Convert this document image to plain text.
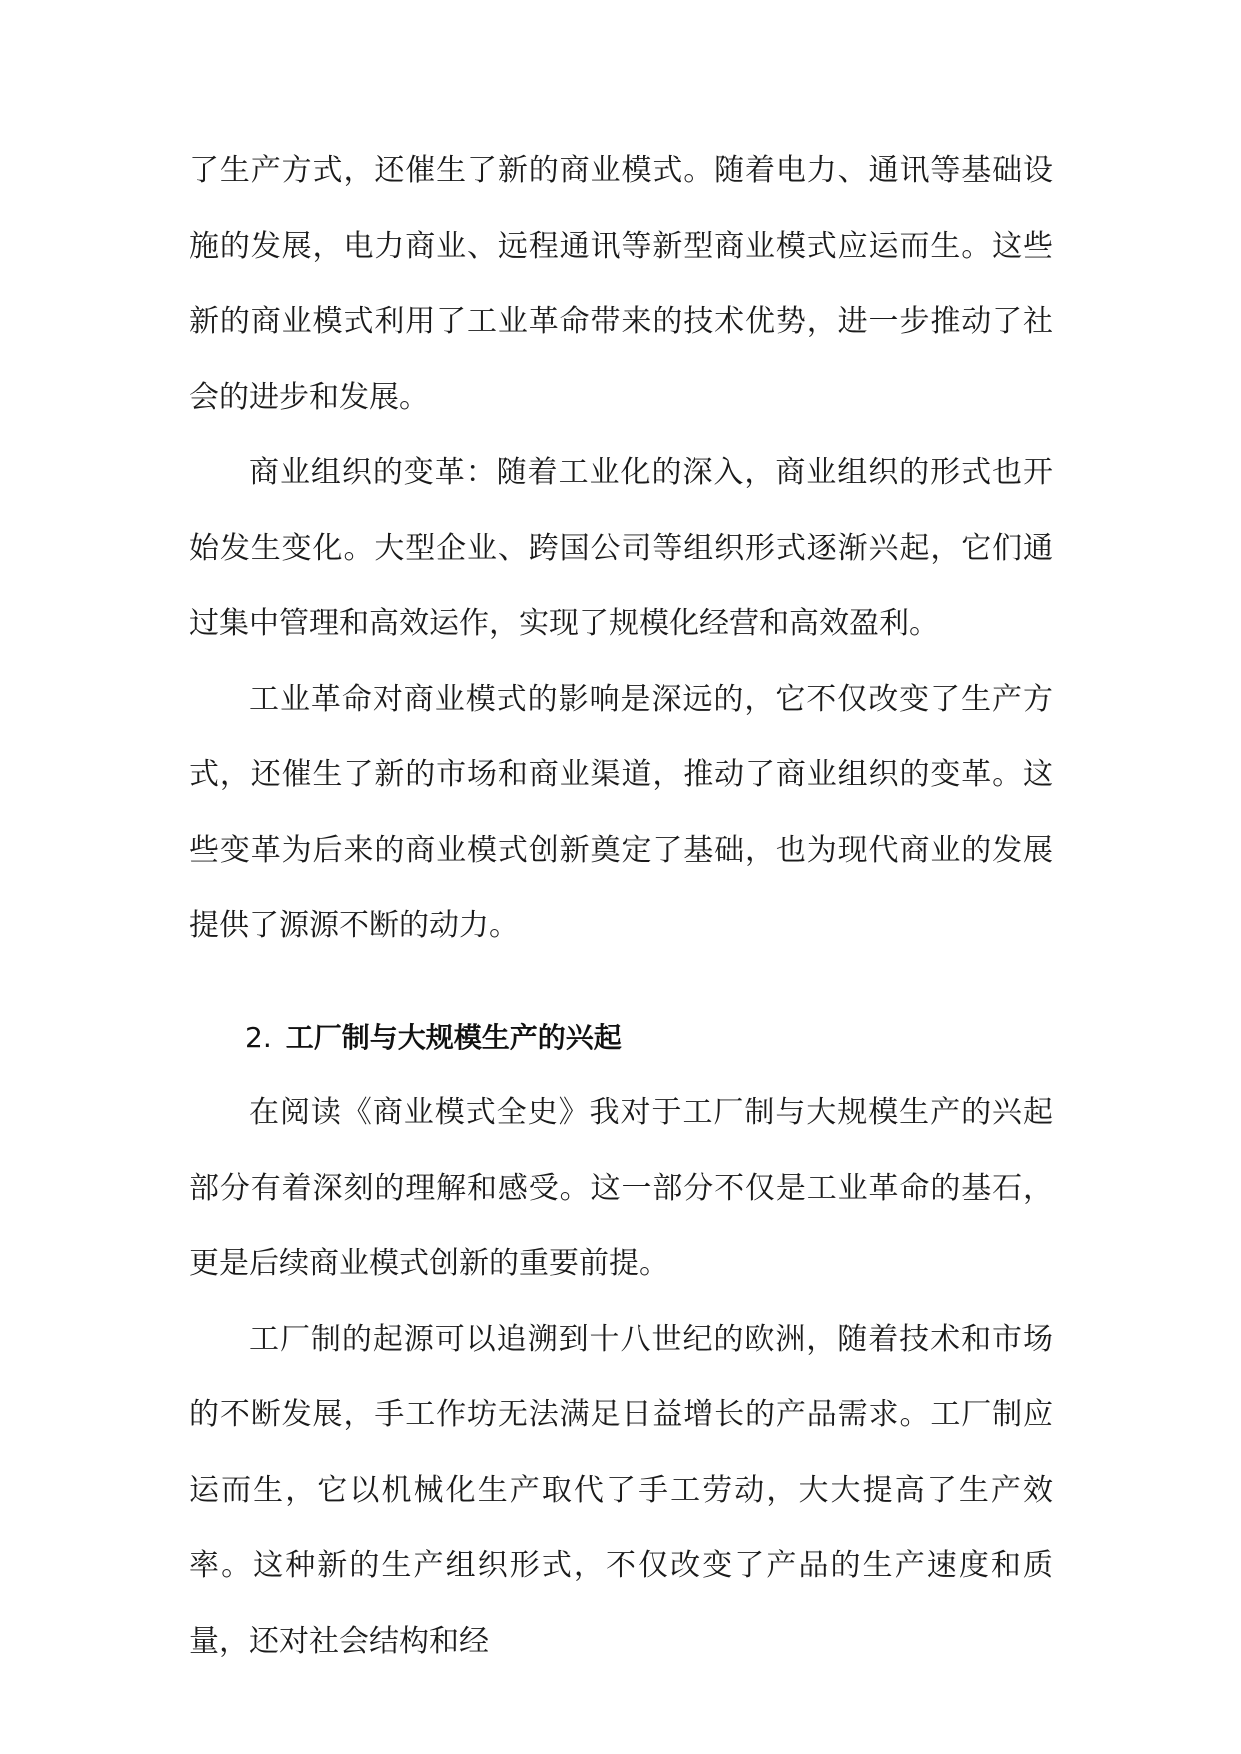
了生产方式，还催生了新的商业模式。随着电力、通讯等基础设施的发展，电力商业、远程通讯等新型商业模式应运而生。这些新的商业模式利用了工业革命带来的技术优势，进一步推动了社会的进步和发展。

商业组织的变革：随着工业化的深入，商业组织的形式也开始发生变化。大型企业、跨国公司等组织形式逐渐兴起，它们通过集中管理和高效运作，实现了规模化经营和高效盈利。

工业革命对商业模式的影响是深远的，它不仅改变了生产方式，还催生了新的市场和商业渠道，推动了商业组织的变革。这些变革为后来的商业模式创新奠定了基础，也为现代商业的发展提供了源源不断的动力。

2. 工厂制与大规模生产的兴起

在阅读《商业模式全史》我对于工厂制与大规模生产的兴起部分有着深刻的理解和感受。这一部分不仅是工业革命的基石，更是后续商业模式创新的重要前提。

工厂制的起源可以追溯到十八世纪的欧洲，随着技术和市场的不断发展，手工作坊无法满足日益增长的产品需求。工厂制应运而生，它以机械化生产取代了手工劳动，大大提高了生产效率。这种新的生产组织形式，不仅改变了产品的生产速度和质量，还对社会结构和经
